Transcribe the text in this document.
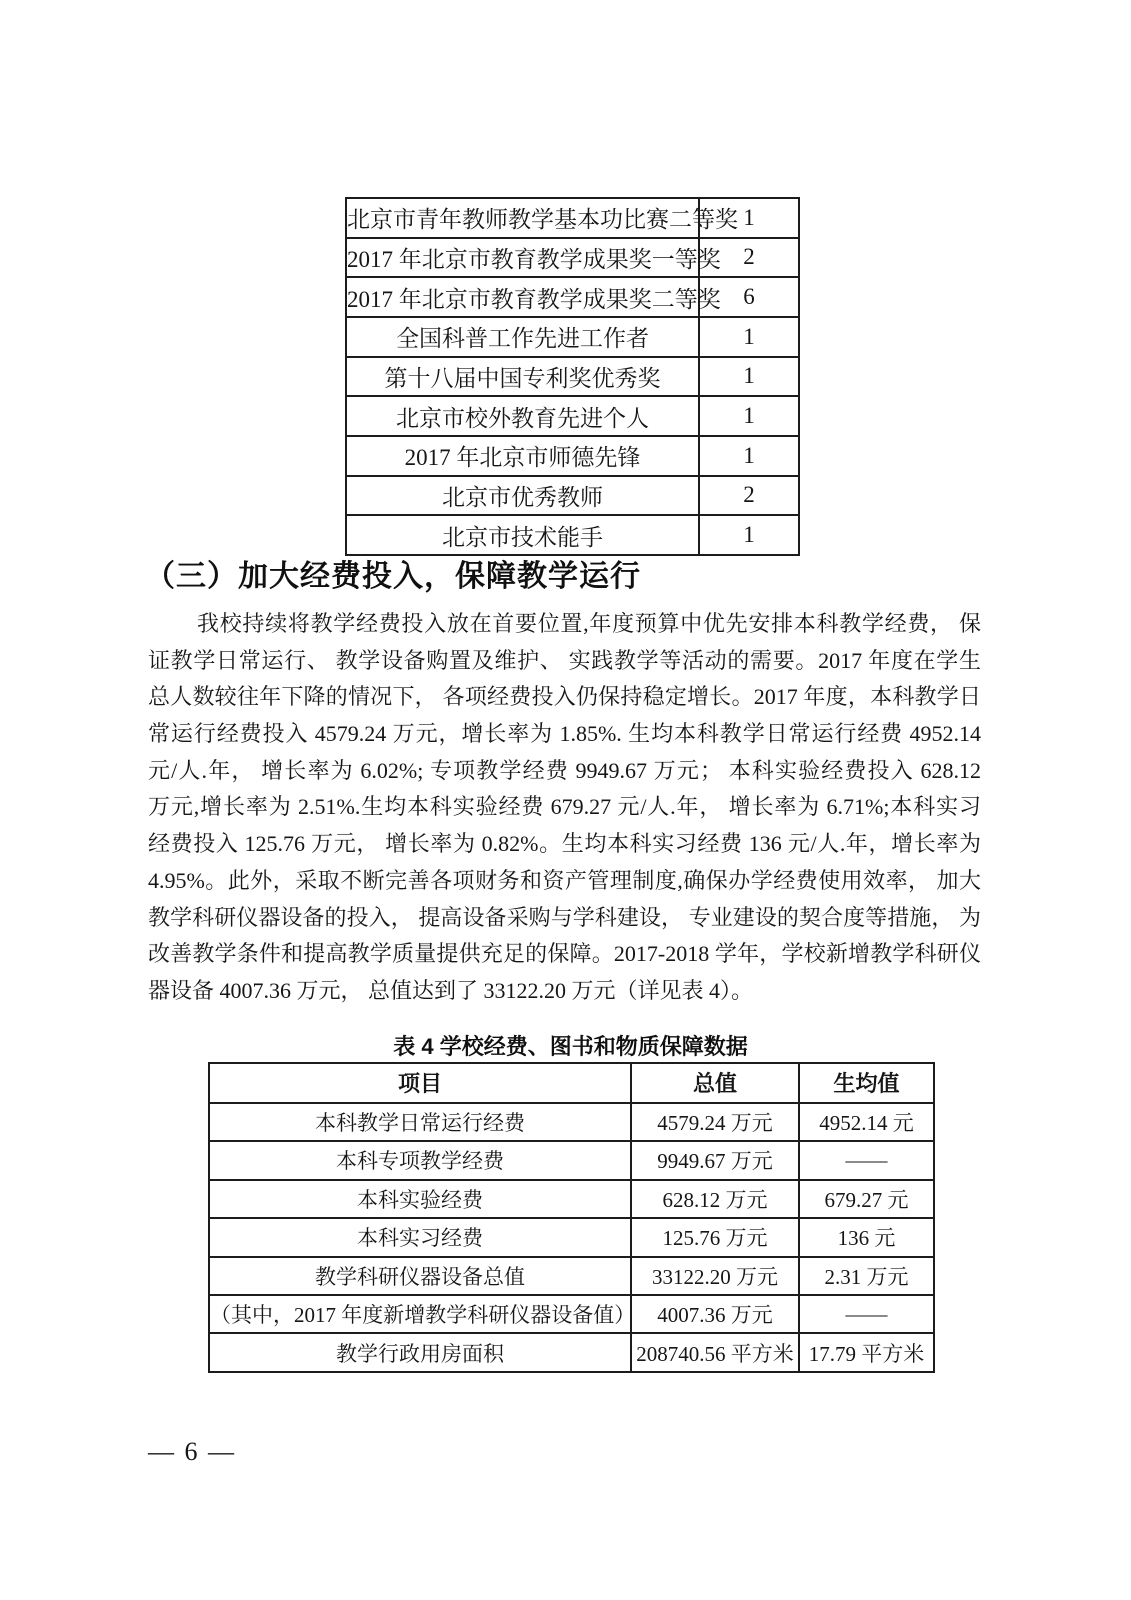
北京市青年教师教学基本功比赛二等奖	1
2017 年北京市教育教学成果奖一等奖	2
2017 年北京市教育教学成果奖二等奖	6
全国科普工作先进工作者	1
第十八届中国专利奖优秀奖	1
北京市校外教育先进个人	1
2017 年北京市师德先锋	1
北京市优秀教师	2
北京市技术能手	1
（三）加大经费投入，保障教学运行
我校持续将教学经费投入放在首要位置,年度预算中优先安排本科教学经费， 保
证教学日常运行、 教学设备购置及维护、 实践教学等活动的需要。2017 年度在学生
总人数较往年下降的情况下， 各项经费投入仍保持稳定增长。2017 年度，本科教学日
常运行经费投入 4579.24 万元，增长率为 1.85%. 生均本科教学日常运行经费 4952.14
元/人.年， 增长率为 6.02%; 专项教学经费 9949.67 万元； 本科实验经费投入 628.12
万元,增长率为 2.51%.生均本科实验经费 679.27 元/人.年， 增长率为 6.71%;本科实习
经费投入 125.76 万元， 增长率为 0.82%。生均本科实习经费 136 元/人.年，增长率为
4.95%。此外，采取不断完善各项财务和资产管理制度,确保办学经费使用效率， 加大
教学科研仪器设备的投入， 提高设备采购与学科建设， 专业建设的契合度等措施， 为
改善教学条件和提高教学质量提供充足的保障。2017-2018 学年，学校新增教学科研仪
器设备 4007.36 万元， 总值达到了 33122.20 万元（详见表 4）。
表 4 学校经费、图书和物质保障数据
项目	总值	生均值
本科教学日常运行经费	4579.24 万元	4952.14 元
本科专项教学经费	9949.67 万元	——
本科实验经费	628.12 万元	679.27 元
本科实习经费	125.76 万元	136 元
教学科研仪器设备总值	33122.20 万元	2.31 万元
（其中，2017 年度新增教学科研仪器设备值）	4007.36 万元	——
教学行政用房面积	208740.56 平方米	17.79 平方米
— 6 —
